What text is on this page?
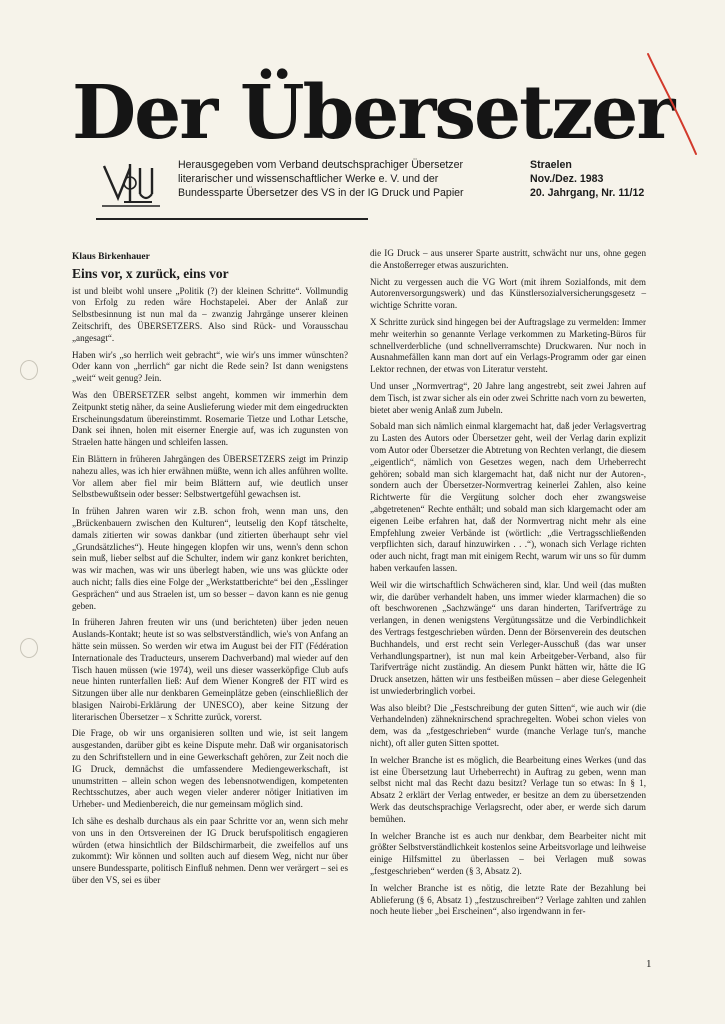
Der Übersetzer
Herausgegeben vom Verband deutschsprachiger Übersetzer
literarischer und wissenschaftlicher Werke e. V. und der
Bundessparte Übersetzer des VS in der IG Druck und Papier
Straelen
Nov./Dez. 1983
20. Jahrgang, Nr. 11/12
Klaus Birkenhauer
Eins vor, x zurück, eins vor

ist und bleibt wohl unsere „Politik (?) der kleinen Schritte“. Vollmundig von Erfolg zu reden wäre Hochstapelei. Aber der Anlaß zur Selbstbesinnung ist nun mal da – zwanzig Jahrgänge unserer kleinen Zeitschrift, des ÜBERSETZERS. Also sind Rück- und Vorausschau „angesagt“.

Haben wir's „so herrlich weit gebracht“, wie wir's uns immer wünschten? Oder kann von „herrlich“ gar nicht die Rede sein? Ist dann wenigstens „weit“ weit genug? Jein.

Was den ÜBERSETZER selbst angeht, kommen wir immerhin dem Zeitpunkt stetig näher, da seine Auslieferung wieder mit dem eingedruckten Erscheinungsdatum übereinstimmt. Rosemarie Tietze und Lothar Letsche, Dank sei ihnen, holen mit eiserner Energie auf, was ich zugunsten von Straelen hatte hängen und schleifen lassen.

Ein Blättern in früheren Jahrgängen des ÜBERSETZERS zeigt im Prinzip nahezu alles, was ich hier erwähnen müßte, wenn ich alles anführen wollte. Vor allem aber fiel mir beim Blättern auf, wie deutlich unser Selbstbewußtsein oder besser: Selbstwertgefühl gewachsen ist.

In frühen Jahren waren wir z.B. schon froh, wenn man uns, den „Brückenbauern zwischen den Kulturen“, leutselig den Kopf tätschelte, damals zitierten wir sowas dankbar (und zitierten überhaupt sehr viel „Grundsätzliches“). Heute hingegen klopfen wir uns, wenn's denn schon sein muß, lieber selbst auf die Schulter, indem wir ganz konkret berichten, was wir machen, was wir uns überlegt haben, wie uns was glückte oder auch nicht; falls dies eine Folge der „Werkstattberichte“ bei den „Esslinger Gesprächen“ und aus Straelen ist, um so besser – davon kann es nie genug geben.

In früheren Jahren freuten wir uns (und berichteten) über jeden neuen Auslands-Kontakt; heute ist so was selbstverständlich, wie's von Anfang an hätte sein müssen. So werden wir etwa im August bei der FIT (Fédération Internationale des Traducteurs, unserem Dachverband) mal wieder auf den Tisch hauen müssen (wie 1974), weil uns dieser wasserköpfige Club aufs neue hinten runterfallen ließ: Auf dem Wiener Kongreß der FIT wird es Sitzungen über alle nur denkbaren Gemeinplätze geben (einschließlich der blasigen Nairobi-Erklärung der UNESCO), aber keine Sitzung der literarischen Übersetzer – x Schritte zurück, vorerst.

Die Frage, ob wir uns organisieren sollten und wie, ist seit langem ausgestanden, darüber gibt es keine Dispute mehr. Daß wir organisatorisch zu den Schriftstellern und in eine Gewerkschaft gehören, zur Zeit noch die IG Druck, demnächst die umfassendere Mediengewerkschaft, ist unumstritten – allein schon wegen des lebensnotwendigen, kompetenten Rechtsschutzes, aber auch wegen vieler anderer nötiger Initiativen im Urheber- und Medienbereich, die nur gemeinsam möglich sind.

Ich sähe es deshalb durchaus als ein paar Schritte vor an, wenn sich mehr von uns in den Ortsvereinen der IG Druck berufspolitisch engagieren würden (etwa hinsichtlich der Bildschirmarbeit, die zweifellos auf uns zukommt): Wir können und sollten auch auf diesem Weg, nicht nur über unsere Bundessparte, politisch Einfluß nehmen. Denn wer verärgert – sei es über den VS, sei es über

die IG Druck – aus unserer Sparte austritt, schwächt nur uns, ohne gegen die Anstoßerreger etwas auszurichten.

Nicht zu vergessen auch die VG Wort (mit ihrem Sozialfonds, mit dem Autorenversorgungswerk) und das Künstlersozialversicherungsgesetz – wichtige Schritte voran.

X Schritte zurück sind hingegen bei der Auftragslage zu vermelden: Immer mehr weiterhin so genannte Verlage verkommen zu Marketing-Büros für schnellverderbliche (und schnellverramschte) Druckwaren. Nur noch in Ausnahmefällen kann man dort auf ein Verlags-Programm oder gar einen Lektor rechnen, der etwas von Literatur versteht.

Und unser „Normvertrag“, 20 Jahre lang angestrebt, seit zwei Jahren auf dem Tisch, ist zwar sicher als ein oder zwei Schritte nach vorn zu bewerten, bietet aber wenig Anlaß zum Jubeln.

Sobald man sich nämlich einmal klargemacht hat, daß jeder Verlagsvertrag zu Lasten des Autors oder Übersetzer geht, weil der Verlag darin explizit vom Autor oder Übersetzer die Abtretung von Rechten verlangt, die diesem „eigentlich“, nämlich von Gesetzes wegen, nach dem Urheberrecht gehören; sobald man sich klargemacht hat, daß nicht nur der Autoren-, sondern auch der Übersetzer-Normvertrag keinerlei Zahlen, also keine Richtwerte für die Vergütung solcher doch eher zwangsweise „abgetretenen“ Rechte enthält; und sobald man sich klargemacht oder am eigenen Leibe erfahren hat, daß der Normvertrag nicht mehr als eine Empfehlung zweier Verbände ist (wörtlich: „die Vertragsschließenden verpflichten sich, darauf hinzuwirken . . .“), wonach sich Verlage richten oder auch nicht, fragt man mit einigem Recht, warum wir uns so für dumm haben verkaufen lassen.

Weil wir die wirtschaftlich Schwächeren sind, klar. Und weil (das mußten wir, die darüber verhandelt haben, uns immer wieder klarmachen) die so oft beschworenen „Sachzwänge“ uns daran hinderten, Tarifverträge zu verlangen, in denen wenigstens Vergütungssätze und die Verbindlichkeit des Vertrags festgeschrieben würden. Denn der Börsenverein des deutschen Buchhandels, und erst recht sein Verleger-Ausschuß (das war unser Verhandlungspartner), ist nun mal kein Arbeitgeber-Verband, also für Tarifverträge nicht zuständig. An diesem Punkt hätten wir, hätte die IG Druck ansetzen, hätten wir uns festbeißen müssen – aber diese Gelegenheit ist unwiederbringlich vorbei.

Was also bleibt? Die „Festschreibung der guten Sitten“, wie auch wir (die Verhandelnden) zähneknirschend sprachregelten. Wobei schon vieles von dem, was da „festgeschrieben“ wurde (manche Verlage tun's, manche nicht), oft aller guten Sitten spottet.

In welcher Branche ist es möglich, die Bearbeitung eines Werkes (und das ist eine Übersetzung laut Urheberrecht) in Auftrag zu geben, wenn man selbst nicht mal das Recht dazu besitzt? Verlage tun so etwas: In § 1, Absatz 2 erklärt der Verlag entweder, er besitze an dem zu übersetzenden Werk das deutschsprachige Verlagsrecht, oder aber, er werde sich darum bemühen.

In welcher Branche ist es auch nur denkbar, dem Bearbeiter nicht mit größter Selbstverständlichkeit kostenlos seine Arbeitsvorlage und leihweise einige Hilfsmittel zu überlassen – bei Verlagen muß sowas „festgeschrieben“ werden (§ 3, Absatz 2).

In welcher Branche ist es nötig, die letzte Rate der Bezahlung bei Ablieferung (§ 6, Absatz 1) „festzuschreiben“? Verlage zahlten und zahlen noch heute lieber „bei Erscheinen“, also irgendwann in fer-

1
